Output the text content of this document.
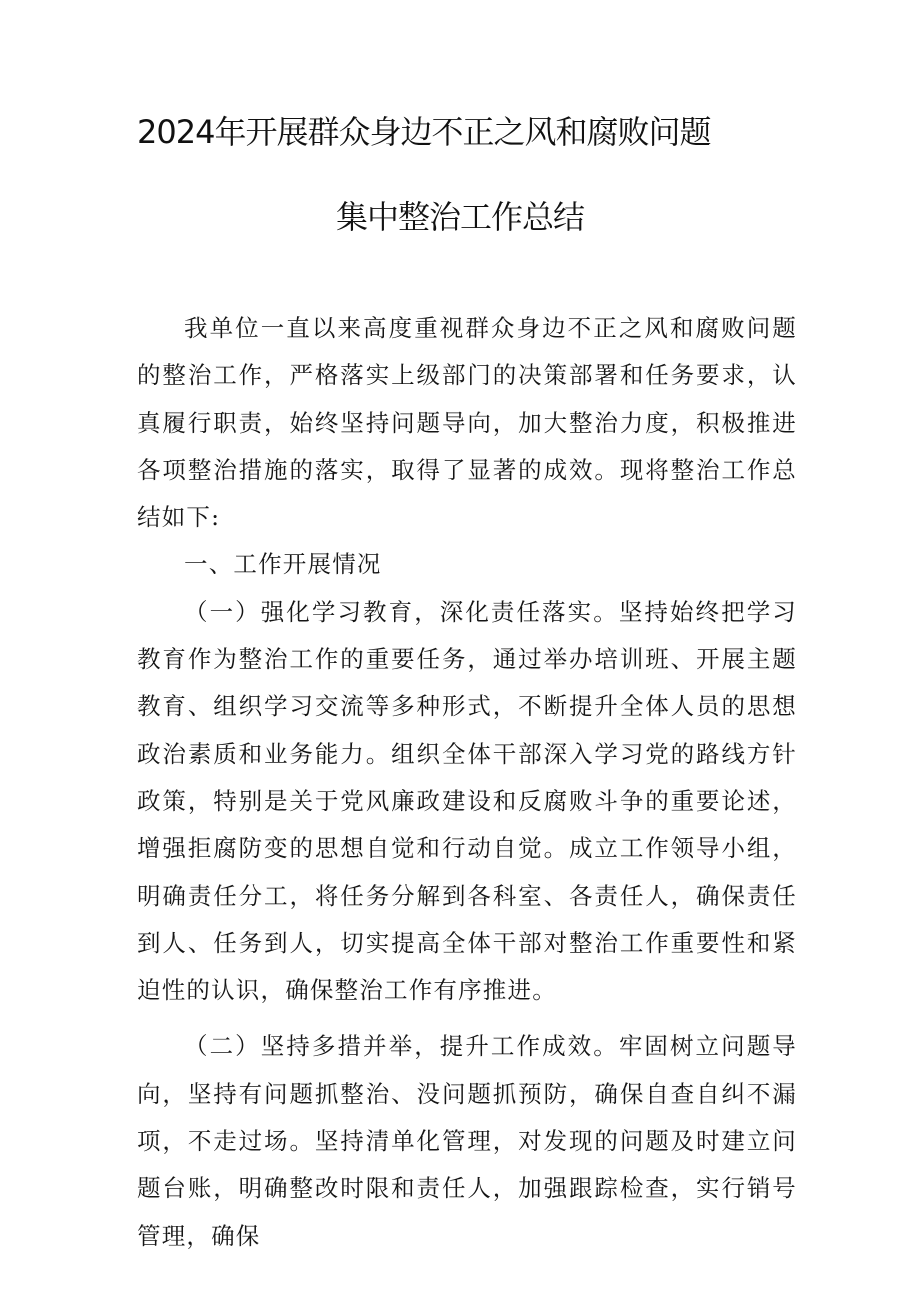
2024年开展群众身边不正之风和腐败问题
集中整治工作总结

我单位一直以来高度重视群众身边不正之风和腐败问题的整治工作，严格落实上级部门的决策部署和任务要求，认真履行职责，始终坚持问题导向，加大整治力度，积极推进各项整治措施的落实，取得了显著的成效。现将整治工作总结如下:

一、工作开展情况

（一）强化学习教育，深化责任落实。坚持始终把学习教育作为整治工作的重要任务，通过举办培训班、开展主题教育、组织学习交流等多种形式，不断提升全体人员的思想政治素质和业务能力。组织全体干部深入学习党的路线方针政策，特别是关于党风廉政建设和反腐败斗争的重要论述，增强拒腐防变的思想自觉和行动自觉。成立工作领导小组，明确责任分工，将任务分解到各科室、各责任人，确保责任到人、任务到人，切实提高全体干部对整治工作重要性和紧迫性的认识，确保整治工作有序推进。

（二）坚持多措并举，提升工作成效。牢固树立问题导向，坚持有问题抓整治、没问题抓预防，确保自查自纠不漏项，不走过场。坚持清单化管理，对发现的问题及时建立问题台账，明确整改时限和责任人，加强跟踪检查，实行销号管理，确保
